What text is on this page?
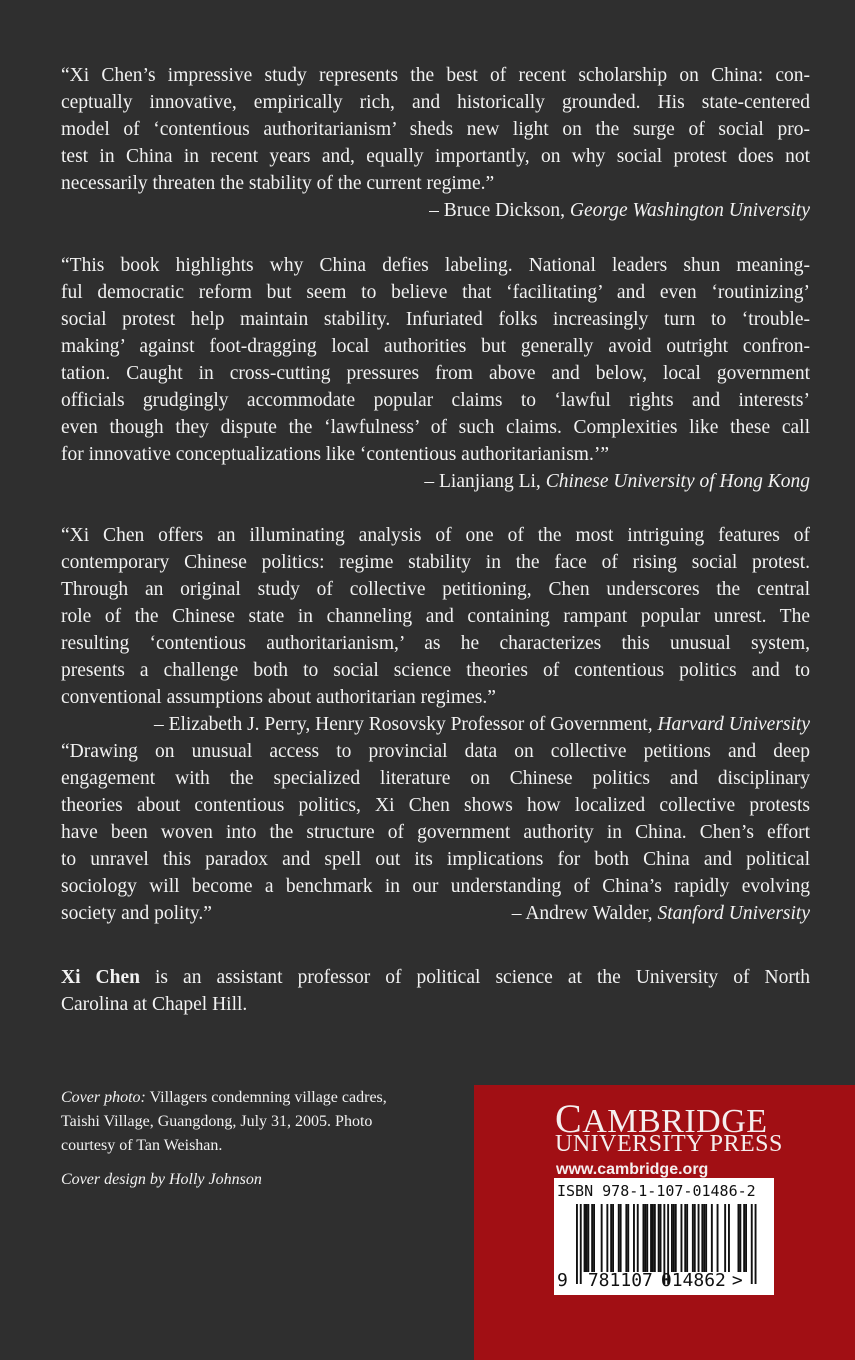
“Xi Chen’s impressive study represents the best of recent scholarship on China: con-
ceptually innovative, empirically rich, and historically grounded. His state-centered
model of ‘contentious authoritarianism’ sheds new light on the surge of social pro-
test in China in recent years and, equally importantly, on why social protest does not
necessarily threaten the stability of the current regime.”
– Bruce Dickson, George Washington University
“This book highlights why China defies labeling. National leaders shun meaning-
ful democratic reform but seem to believe that ‘facilitating’ and even ‘routinizing’
social protest help maintain stability. Infuriated folks increasingly turn to ‘trouble-
making’ against foot-dragging local authorities but generally avoid outright confron-
tation. Caught in cross-cutting pressures from above and below, local government
officials grudgingly accommodate popular claims to ‘lawful rights and interests’
even though they dispute the ‘lawfulness’ of such claims. Complexities like these call
for innovative conceptualizations like ‘contentious authoritarianism.’”
– Lianjiang Li, Chinese University of Hong Kong
“Xi Chen offers an illuminating analysis of one of the most intriguing features of
contemporary Chinese politics: regime stability in the face of rising social protest.
Through an original study of collective petitioning, Chen underscores the central
role of the Chinese state in channeling and containing rampant popular unrest. The
resulting ‘contentious authoritarianism,’ as he characterizes this unusual system,
presents a challenge both to social science theories of contentious politics and to
conventional assumptions about authoritarian regimes.”
– Elizabeth J. Perry, Henry Rosovsky Professor of Government, Harvard University
“Drawing on unusual access to provincial data on collective petitions and deep
engagement with the specialized literature on Chinese politics and disciplinary
theories about contentious politics, Xi Chen shows how localized collective protests
have been woven into the structure of government authority in China. Chen’s effort
to unravel this paradox and spell out its implications for both China and political
sociology will become a benchmark in our understanding of China’s rapidly evolving
society and polity.”	– Andrew Walder, Stanford University
Xi Chen is an assistant professor of political science at the University of North
Carolina at Chapel Hill.
Cover photo: Villagers condemning village cadres,
Taishi Village, Guangdong, July 31, 2005. Photo
courtesy of Tan Weishan.
Cover design by Holly Johnson
CAMBRIDGE
UNIVERSITY PRESS
www.cambridge.org
ISBN 978-1-107-01486-2
9 781107 014862 >
